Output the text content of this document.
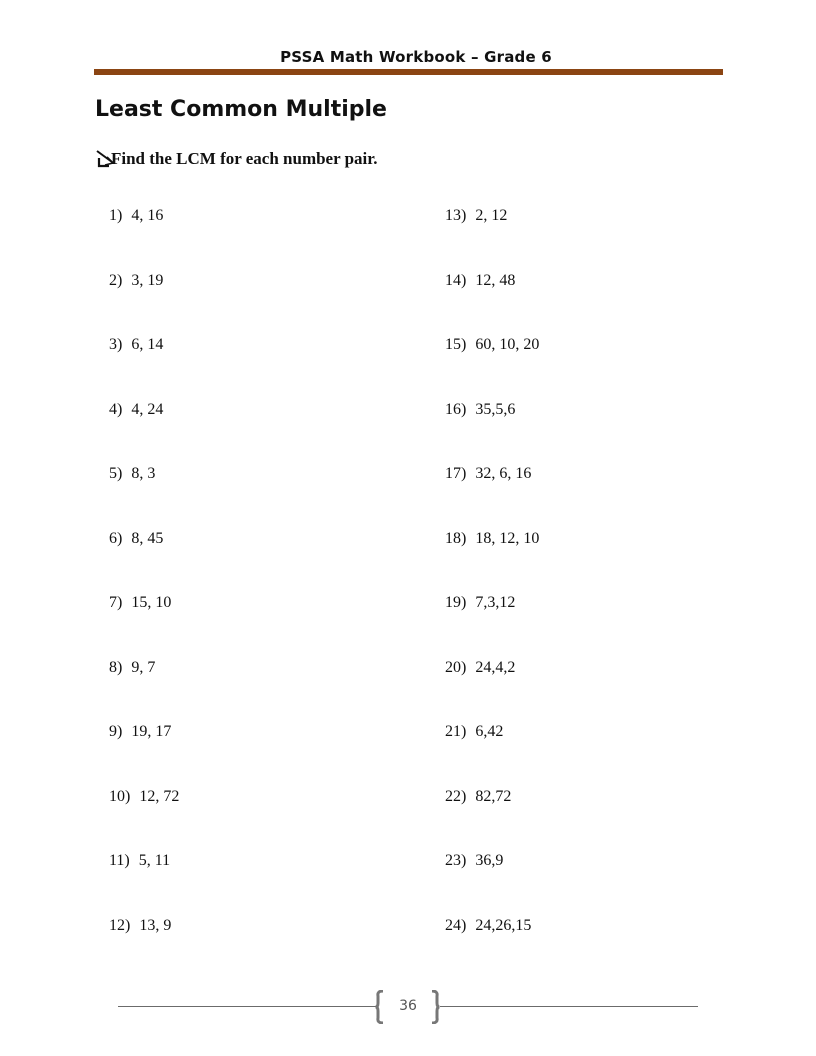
PSSA Math Workbook – Grade 6
Least Common Multiple
Find the LCM for each number pair.
1) 4, 16
2) 3, 19
3) 6, 14
4) 4, 24
5) 8, 3
6) 8, 45
7) 15, 10
8) 9, 7
9) 19, 17
10) 12, 72
11) 5, 11
12) 13, 9
13) 2, 12
14) 12, 48
15) 60, 10, 20
16) 35,5,6
17) 32, 6, 16
18) 18, 12, 10
19) 7,3,12
20) 24,4,2
21) 6,42
22) 82,72
23) 36,9
24) 24,26,15
36
